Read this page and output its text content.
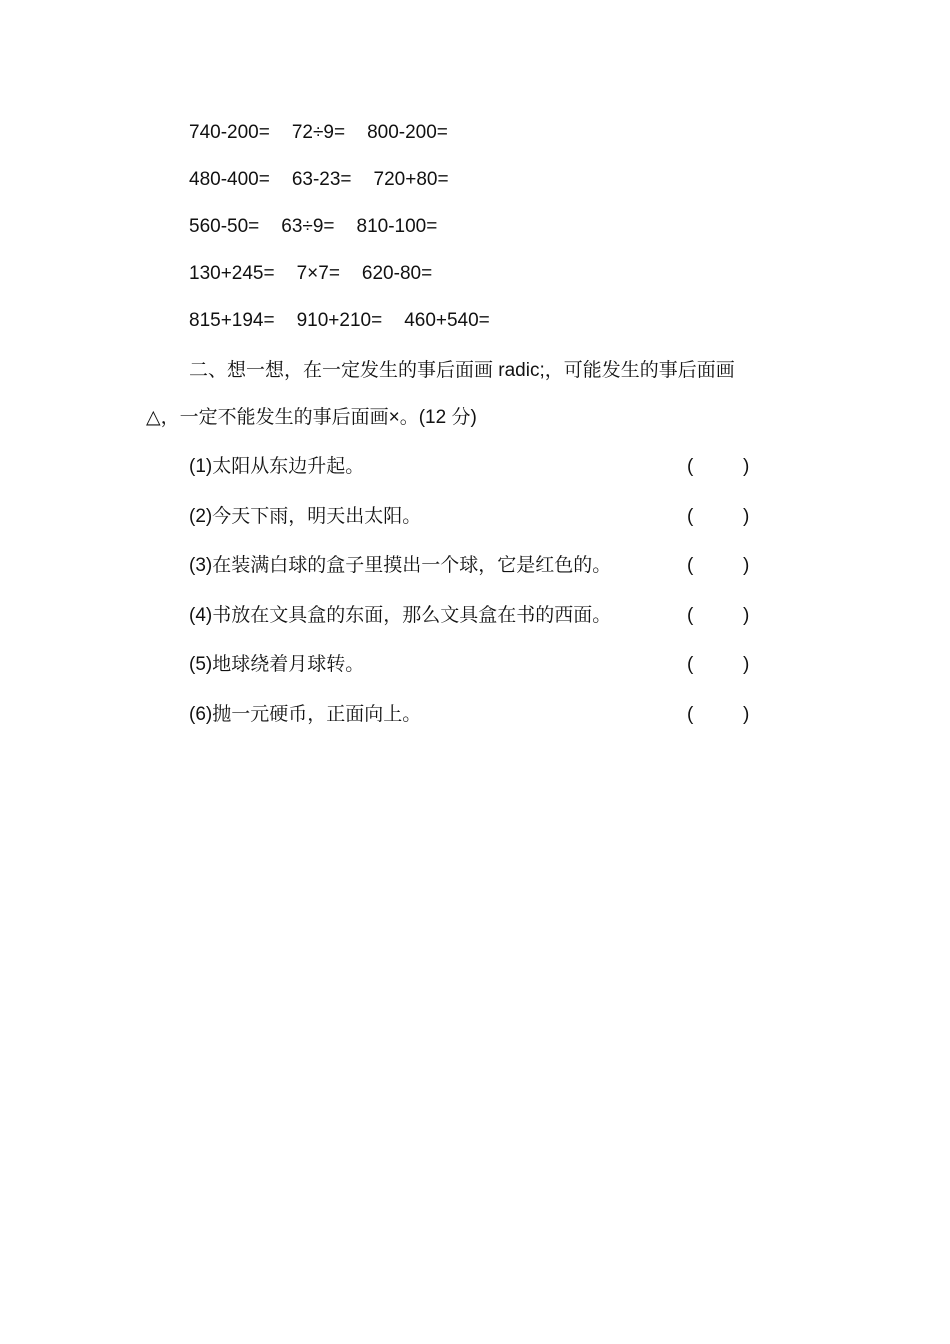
740-200= 72÷9= 800-200=
480-400= 63-23= 720+80=
560-50= 63÷9= 810-100=
130+245= 7×7= 620-80=
815+194= 910+210= 460+540=
二、想一想，在一定发生的事后面画 radic;，可能发生的事后面画
△，一定不能发生的事后面画×。(12 分)
(1)太阳从东边升起。	(	)
(2)今天下雨，明天出太阳。	(	)
(3)在装满白球的盒子里摸出一个球，它是红色的。	(	)
(4)书放在文具盒的东面，那么文具盒在书的西面。	(	)
(5)地球绕着月球转。	(	)
(6)抛一元硬币，正面向上。	(	)
